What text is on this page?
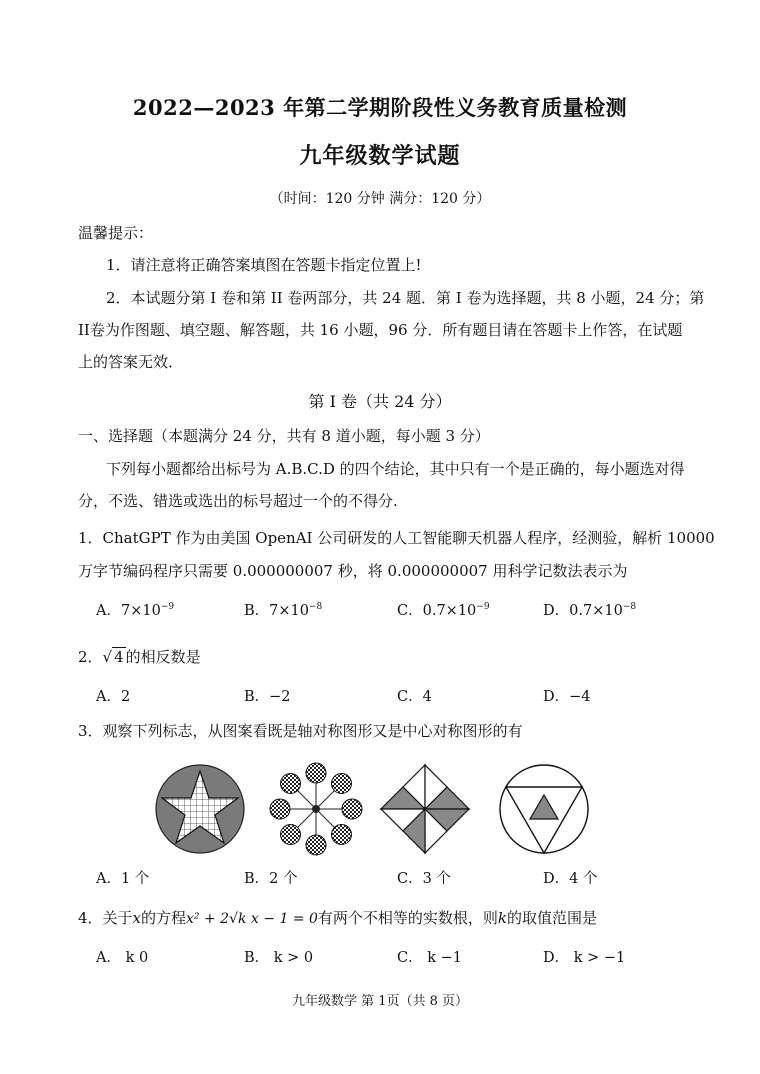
2022—2023 年第二学期阶段性义务教育质量检测
九年级数学试题
（时间：120 分钟 满分：120 分）
温馨提示：
1．请注意将正确答案填图在答题卡指定位置上!
2．本试题分第 I 卷和第 II 卷两部分，共 24 题．第 I 卷为选择题，共 8 小题，24 分；第
II卷为作图题、填空题、解答题，共 16 小题，96 分．所有题目请在答题卡上作答，在试题
上的答案无效．
第 I 卷（共 24 分）
一、选择题（本题满分 24 分，共有 8 道小题，每小题 3 分）
下列每小题都给出标号为 A.B.C.D 的四个结论，其中只有一个是正确的，每小题选对得
分，不选、错选或选出的标号超过一个的不得分.
1．ChatGPT 作为由美国 OpenAI 公司研发的人工智能聊天机器人程序，经测验，解析 10000
万字节编码程序只需要 0.000000007 秒，将 0.000000007 用科学记数法表示为
A．$7\times 10^{-9}$	B．$7\times 10^{-8}$	C．$0.7\times 10^{-9}$	D．$0.7\times 10^{-8}$
2．√ 4 的相反数是
A．2	B．−2	C．4	D．−4
3．观察下列标志，从图案看既是轴对称图形又是中心对称图形的有
A．1 个	B．2 个	C．3 个	D．4 个
4．关于x的方程x² + 2√k x − 1 = 0有两个不相等的实数根，则k的取值范围是
A． k 0	B． k > 0	C． k −1	D． k > −1
九年级数学 第 1页（共 8 页）
